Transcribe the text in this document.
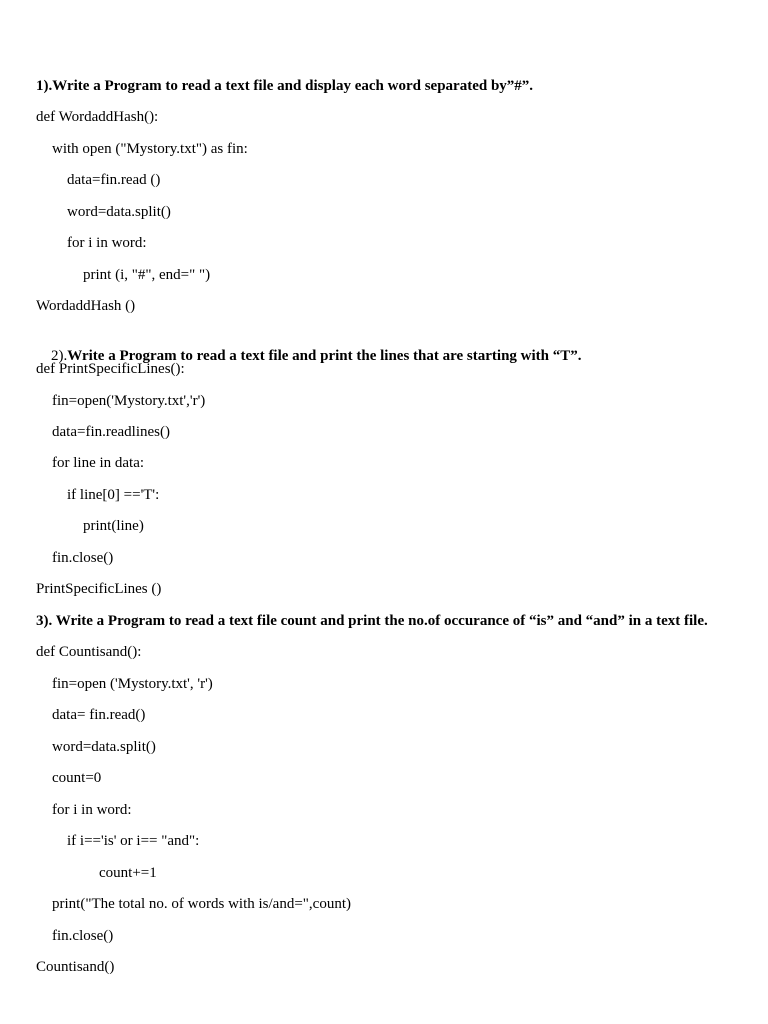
1).Write a Program to read a text file and display each word separated by”#”.
def WordaddHash():
with open ("Mystory.txt") as fin:
data=fin.read ()
word=data.split()
for i in word:
print (i, "#", end=" ")
WordaddHash ()

2).Write a Program to read a text file and print the lines that are starting with “T”.

def PrintSpecificLines():
fin=open('Mystory.txt','r')
data=fin.readlines()
for line in data:
if line[0] =='T':
print(line)
fin.close()
PrintSpecificLines ()
3). Write a Program to read a text file count and print the no.of occurance of “is” and “and” in a text file.
def Countisand():
fin=open ('Mystory.txt', 'r')
data= fin.read()
word=data.split()
count=0
for i in word:
if i=='is' or i== "and":
count+=1
print("The total no. of words with is/and=",count)
fin.close()
Countisand()
